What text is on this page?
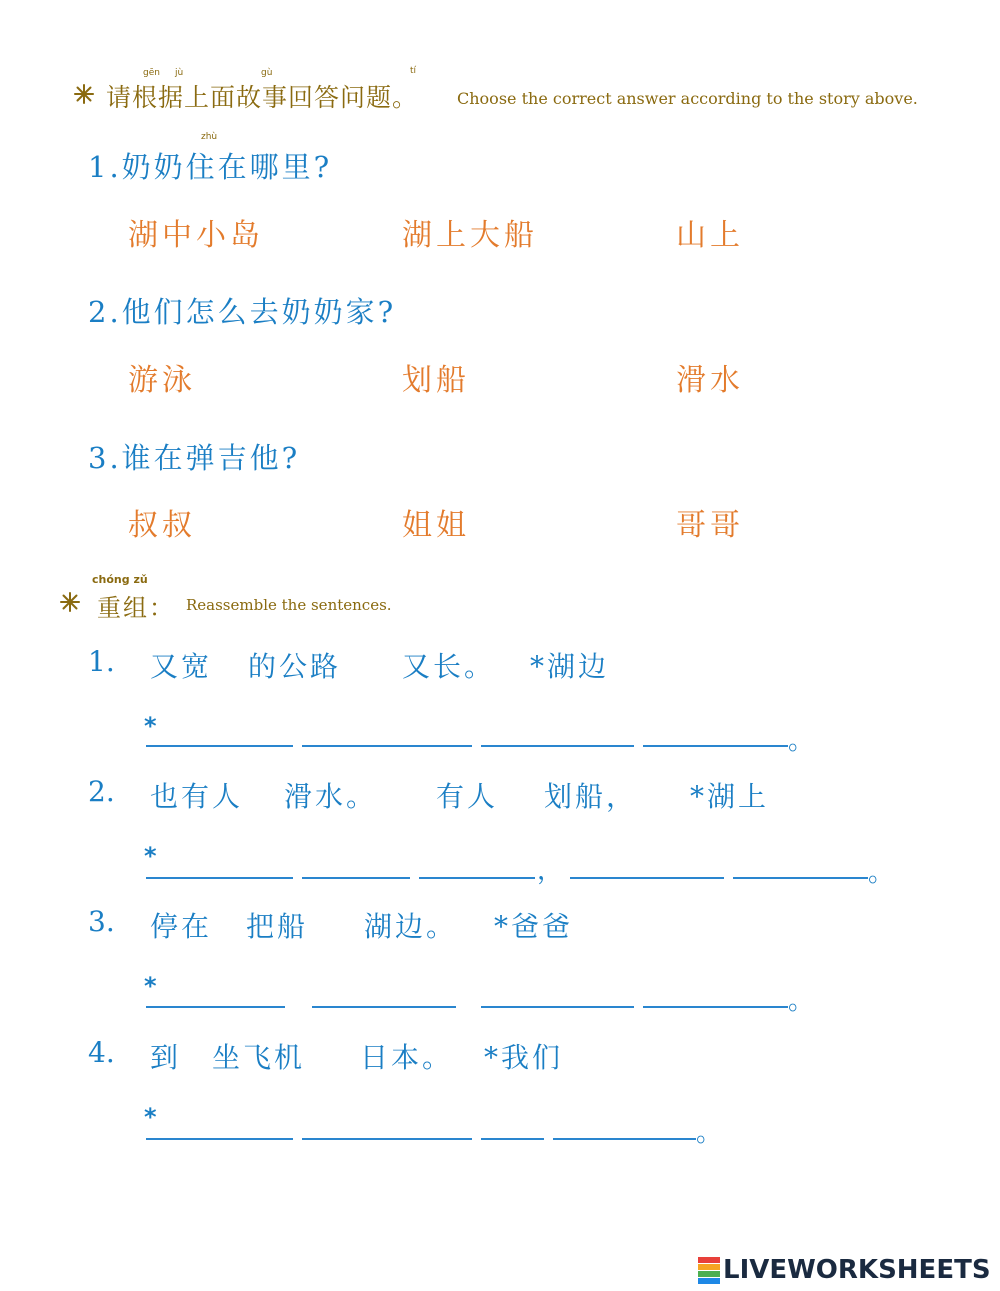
gēn jù	gù	tí
请根据上面故事回答问题。 Choose the correct answer according to the story above.
zhù
1.奶奶住在哪里?
湖中小岛	湖上大船	山上
2.他们怎么去奶奶家?
游泳	划船	滑水
3.谁在弹吉他?
叔叔	姐姐	哥哥
chóng zǔ
重组： Reassemble the sentences.
1. 又宽 的公路 又长。 *湖边
*	。
2. 也有人 滑水。 有人 划船， *湖上
*	，	。
3. 停在 把船 湖边。 *爸爸
*	。
4. 到 坐飞机 日本。 *我们
*
。
LIVEWORKSHEETS
